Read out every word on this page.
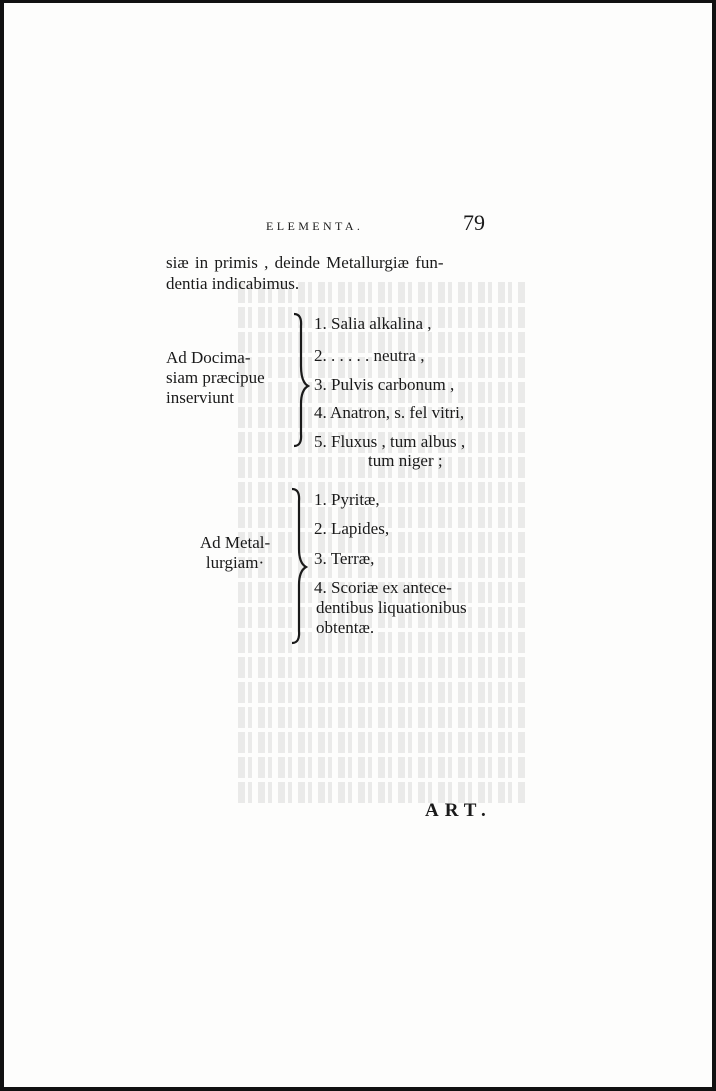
ELEMENTA.	79
siæ in primis , deinde Metallurgiæ fun-
dentia indicabimus.
Ad Docima-
siam præcipue
inserviunt
1. Salia alkalina ,
2. . . . . . neutra ,
3. Pulvis carbonum ,
4. Anatron, s. fel vitri,
5. Fluxus , tum albus ,
tum niger ;
Ad Metal-
lurgiam·
1. Pyritæ,
2. Lapides,
3. Terræ,
4. Scoriæ ex antece-
dentibus liquationibus
obtentæ.
ART.
